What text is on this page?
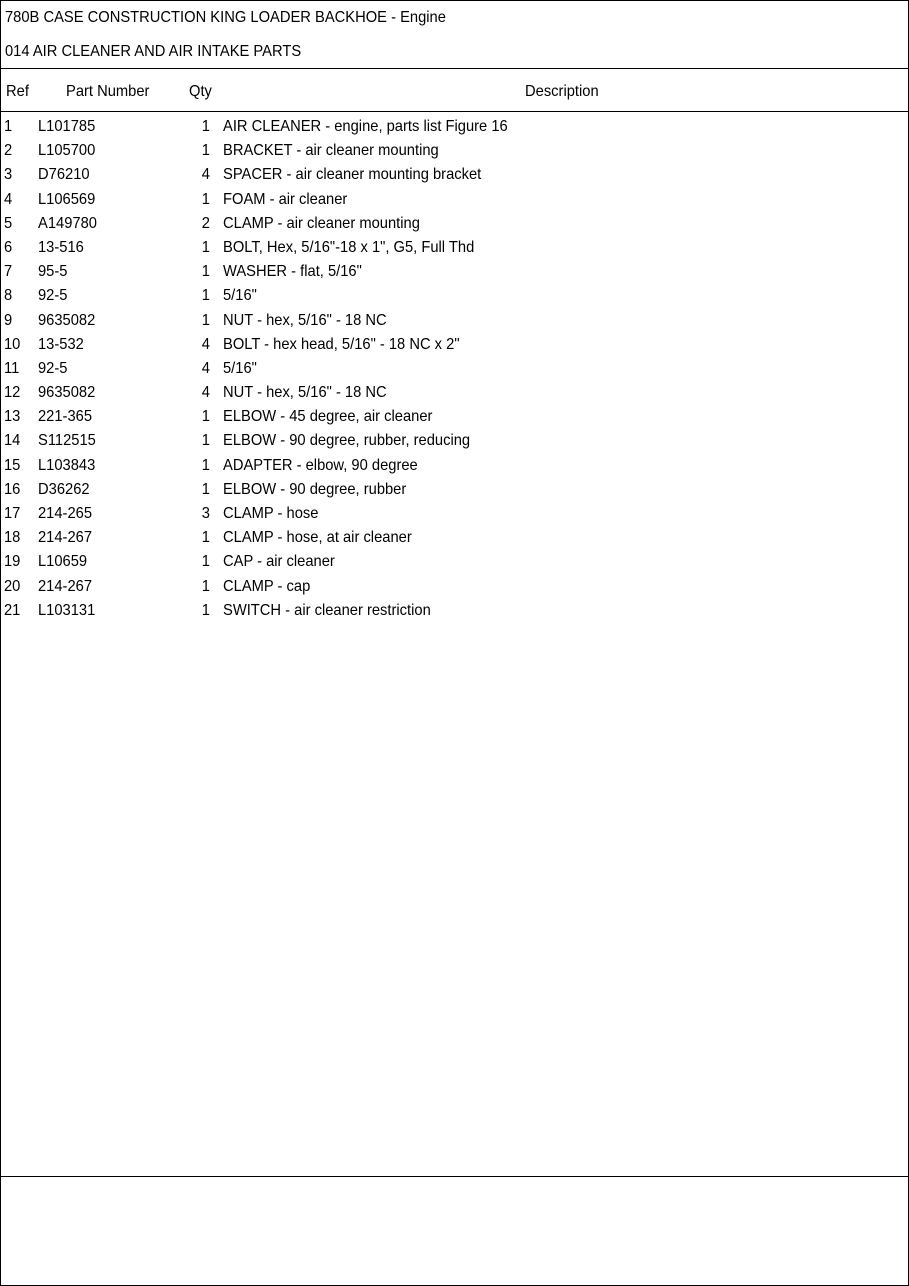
780B CASE CONSTRUCTION KING LOADER BACKHOE - Engine
014 AIR CLEANER AND AIR INTAKE PARTS
Ref Part Number Qty	Description
1 L101785	1 AIR CLEANER - engine, parts list Figure 16
2 L105700	1 BRACKET - air cleaner mounting
3 D76210	4 SPACER - air cleaner mounting bracket
4 L106569	1 FOAM - air cleaner
5 A149780	2 CLAMP - air cleaner mounting
6 13-516	1 BOLT, Hex, 5/16"-18 x 1", G5, Full Thd
7 95-5	1 WASHER - flat, 5/16"
8 92-5	1 5/16"
9 9635082	1 NUT - hex, 5/16" - 18 NC
10 13-532	4 BOLT - hex head, 5/16" - 18 NC x 2"
11 92-5	4 5/16"
12 9635082	4 NUT - hex, 5/16" - 18 NC
13 221-365	1 ELBOW - 45 degree, air cleaner
14 S112515	1 ELBOW - 90 degree, rubber, reducing
15 L103843	1 ADAPTER - elbow, 90 degree
16 D36262	1 ELBOW - 90 degree, rubber
17 214-265	3 CLAMP - hose
18 214-267	1 CLAMP - hose, at air cleaner
19 L10659	1 CAP - air cleaner
20 214-267	1 CLAMP - cap
21 L103131	1 SWITCH - air cleaner restriction
